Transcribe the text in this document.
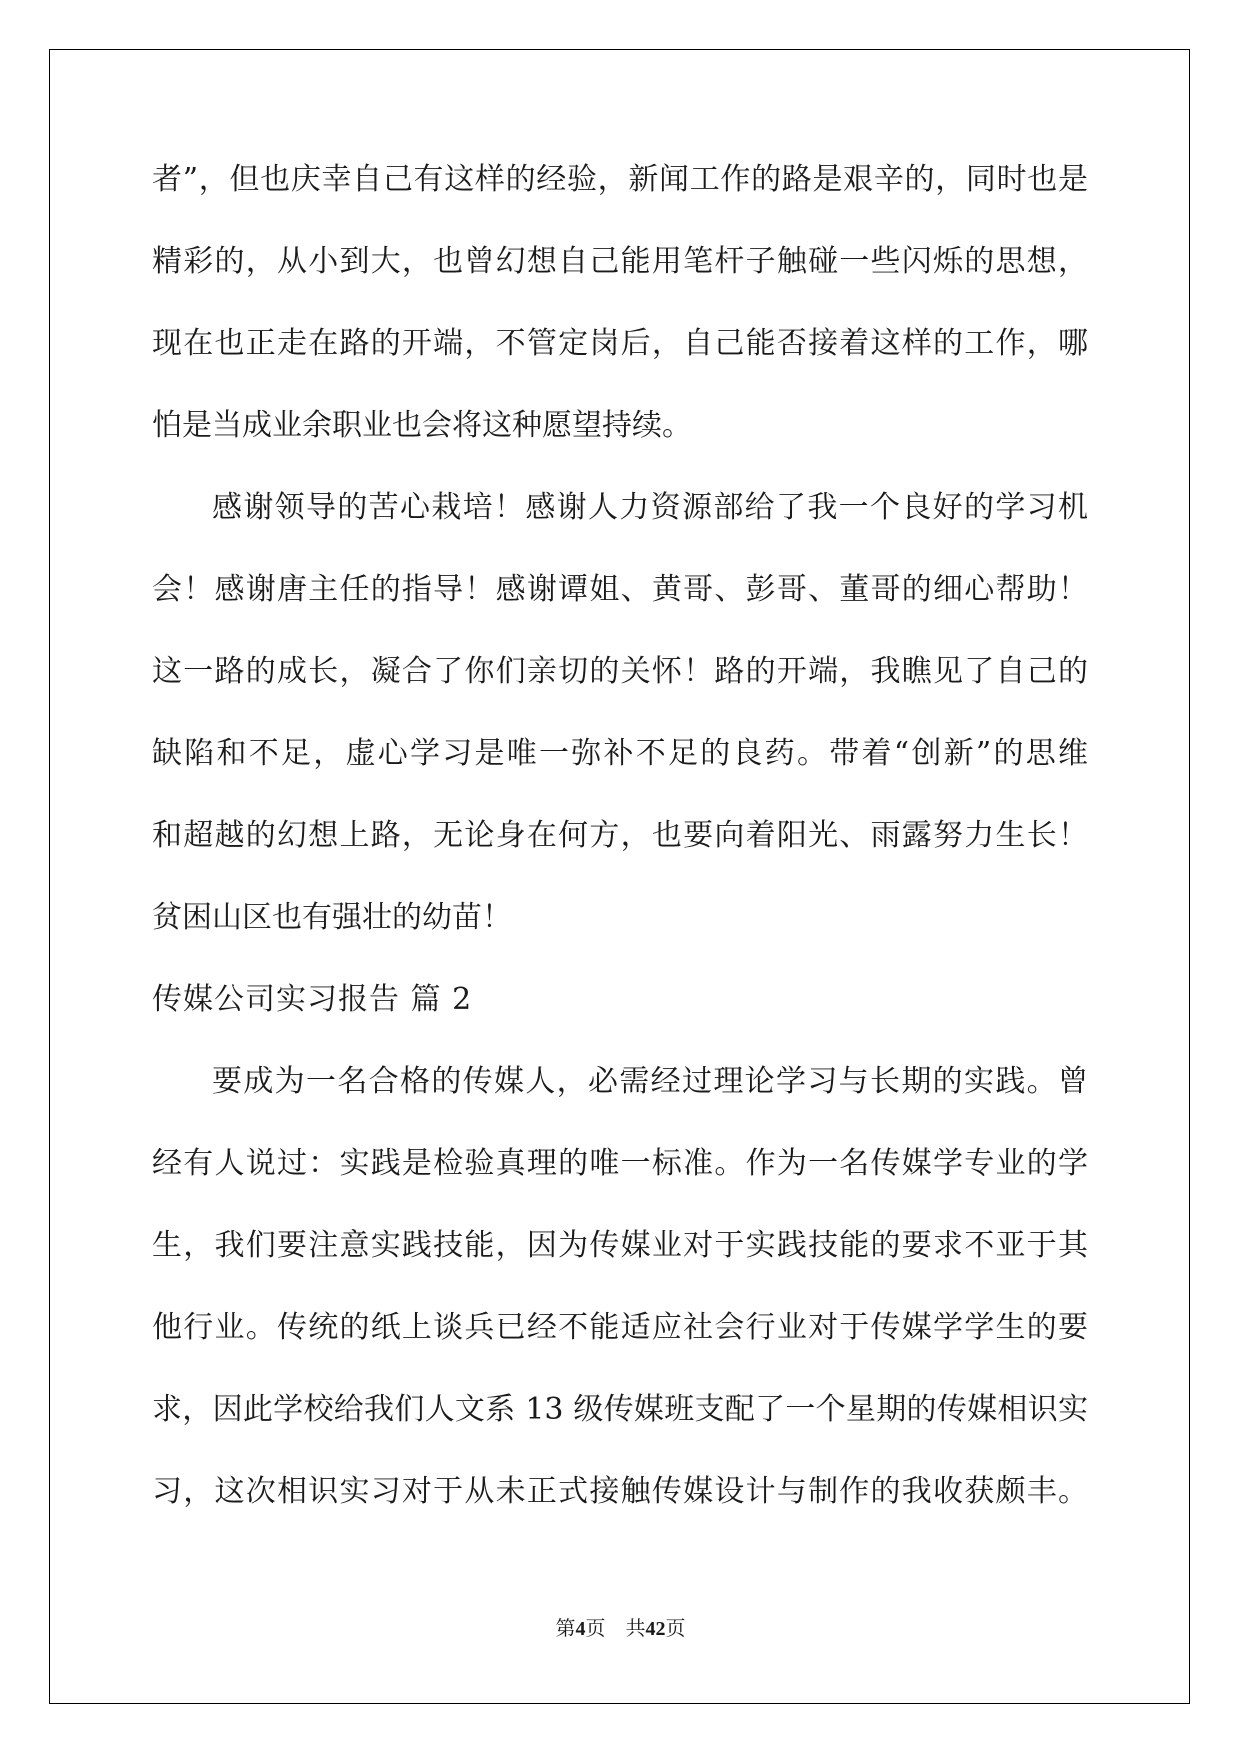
者”，但也庆幸自己有这样的经验，新闻工作的路是艰辛的，同时也是
精彩的，从小到大，也曾幻想自己能用笔杆子触碰一些闪烁的思想，
现在也正走在路的开端，不管定岗后，自己能否接着这样的工作，哪
怕是当成业余职业也会将这种愿望持续。
感谢领导的苦心栽培！感谢人力资源部给了我一个良好的学习机
会！感谢唐主任的指导！感谢谭姐、黄哥、彭哥、董哥的细心帮助！
这一路的成长，凝合了你们亲切的关怀！路的开端，我瞧见了自己的
缺陷和不足，虚心学习是唯一弥补不足的良药。带着“创新”的思维
和超越的幻想上路，无论身在何方，也要向着阳光、雨露努力生长！
贫困山区也有强壮的幼苗！
传媒公司实习报告 篇 2
要成为一名合格的传媒人，必需经过理论学习与长期的实践。曾
经有人说过：实践是检验真理的唯一标准。作为一名传媒学专业的学
生，我们要注意实践技能，因为传媒业对于实践技能的要求不亚于其
他行业。传统的纸上谈兵已经不能适应社会行业对于传媒学学生的要
求，因此学校给我们人文系 13 级传媒班支配了一个星期的传媒相识实
习，这次相识实习对于从未正式接触传媒设计与制作的我收获颇丰。
第4页 共42页
